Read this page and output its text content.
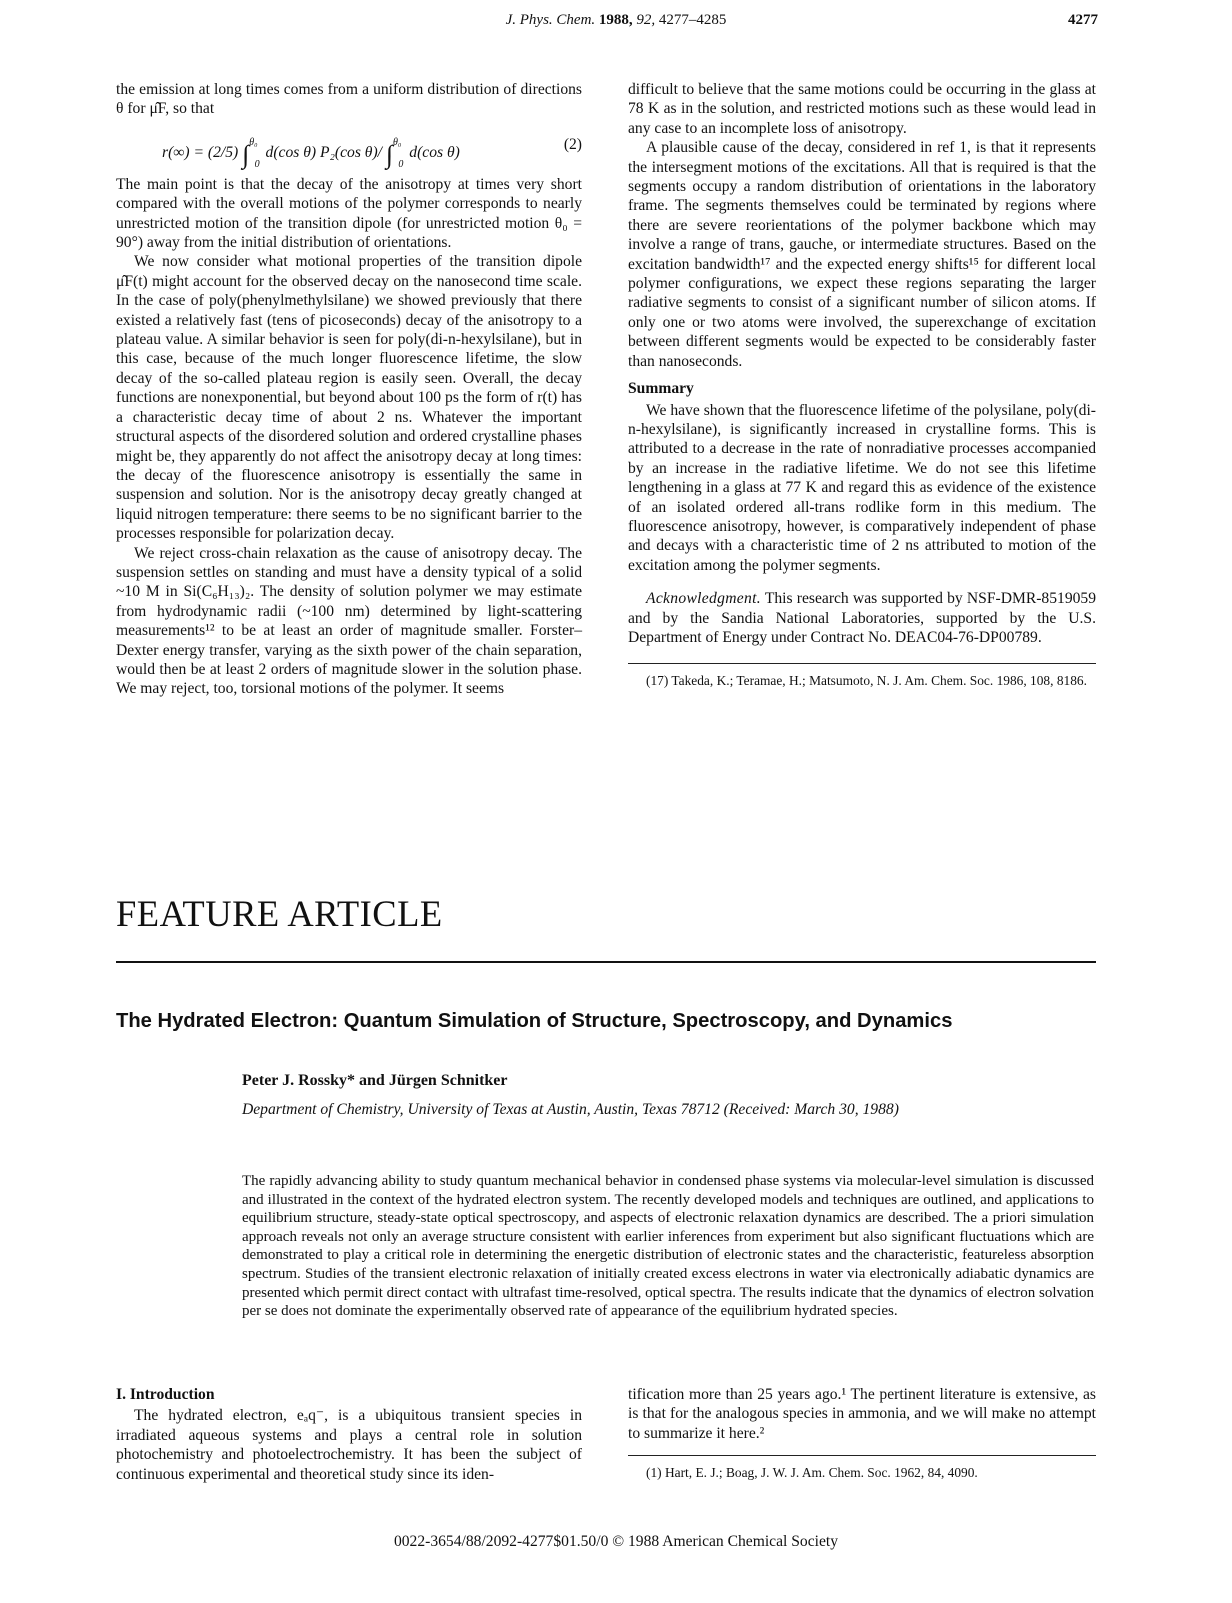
J. Phys. Chem. 1988, 92, 4277–4285	4277

the emission at long times comes from a uniform distribution of directions θ for μ̂F, so that

r(∞) = (2/5) ∫$^{\theta_0}_0$ d(cos θ) P₂(cos θ)/ ∫$^{\theta_0}_0$ d(cos θ)	(2)

The main point is that the decay of the anisotropy at times very short compared with the overall motions of the polymer corresponds to nearly unrestricted motion of the transition dipole (for unrestricted motion θ₀ = 90°) away from the initial distribution of orientations.

We now consider what motional properties of the transition dipole μ̂F(t) might account for the observed decay on the nanosecond time scale. In the case of poly(phenylmethylsilane) we showed previously that there existed a relatively fast (tens of picoseconds) decay of the anisotropy to a plateau value. A similar behavior is seen for poly(di-n-hexylsilane), but in this case, because of the much longer fluorescence lifetime, the slow decay of the so-called plateau region is easily seen. Overall, the decay functions are nonexponential, but beyond about 100 ps the form of r(t) has a characteristic decay time of about 2 ns. Whatever the important structural aspects of the disordered solution and ordered crystalline phases might be, they apparently do not affect the anisotropy decay at long times: the decay of the fluorescence anisotropy is essentially the same in suspension and solution. Nor is the anisotropy decay greatly changed at liquid nitrogen temperature: there seems to be no significant barrier to the processes responsible for polarization decay.

We reject cross-chain relaxation as the cause of anisotropy decay. The suspension settles on standing and must have a density typical of a solid ~10 M in Si(C₆H₁₃)₂. The density of solution polymer we may estimate from hydrodynamic radii (~100 nm) determined by light-scattering measurements¹² to be at least an order of magnitude smaller. Forster–Dexter energy transfer, varying as the sixth power of the chain separation, would then be at least 2 orders of magnitude slower in the solution phase. We may reject, too, torsional motions of the polymer. It seems

difficult to believe that the same motions could be occurring in the glass at 78 K as in the solution, and restricted motions such as these would lead in any case to an incomplete loss of anisotropy.

A plausible cause of the decay, considered in ref 1, is that it represents the intersegment motions of the excitations. All that is required is that the segments occupy a random distribution of orientations in the laboratory frame. The segments themselves could be terminated by regions where there are severe reorientations of the polymer backbone which may involve a range of trans, gauche, or intermediate structures. Based on the excitation bandwidth¹⁷ and the expected energy shifts¹⁵ for different local polymer configurations, we expect these regions separating the larger radiative segments to consist of a significant number of silicon atoms. If only one or two atoms were involved, the superexchange of excitation between different segments would be expected to be considerably faster than nanoseconds.

Summary

We have shown that the fluorescence lifetime of the polysilane, poly(di-n-hexylsilane), is significantly increased in crystalline forms. This is attributed to a decrease in the rate of nonradiative processes accompanied by an increase in the radiative lifetime. We do not see this lifetime lengthening in a glass at 77 K and regard this as evidence of the existence of an isolated ordered all-trans rodlike form in this medium. The fluorescence anisotropy, however, is comparatively independent of phase and decays with a characteristic time of 2 ns attributed to motion of the excitation among the polymer segments.

Acknowledgment. This research was supported by NSF-DMR-8519059 and by the Sandia National Laboratories, supported by the U.S. Department of Energy under Contract No. DEAC04-76-DP00789.

(17) Takeda, K.; Teramae, H.; Matsumoto, N. J. Am. Chem. Soc. 1986, 108, 8186.

FEATURE ARTICLE
The Hydrated Electron: Quantum Simulation of Structure, Spectroscopy, and Dynamics
Peter J. Rossky* and Jürgen Schnitker
Department of Chemistry, University of Texas at Austin, Austin, Texas 78712 (Received: March 30, 1988)
The rapidly advancing ability to study quantum mechanical behavior in condensed phase systems via molecular-level simulation is discussed and illustrated in the context of the hydrated electron system. The recently developed models and techniques are outlined, and applications to equilibrium structure, steady-state optical spectroscopy, and aspects of electronic relaxation dynamics are described. The a priori simulation approach reveals not only an average structure consistent with earlier inferences from experiment but also significant fluctuations which are demonstrated to play a critical role in determining the energetic distribution of electronic states and the characteristic, featureless absorption spectrum. Studies of the transient electronic relaxation of initially created excess electrons in water via electronically adiabatic dynamics are presented which permit direct contact with ultrafast time-resolved, optical spectra. The results indicate that the dynamics of electron solvation per se does not dominate the experimentally observed rate of appearance of the equilibrium hydrated species.
I. Introduction

The hydrated electron, eₐq⁻, is a ubiquitous transient species in irradiated aqueous systems and plays a central role in solution photochemistry and photoelectrochemistry. It has been the subject of continuous experimental and theoretical study since its iden-

tification more than 25 years ago.¹ The pertinent literature is extensive, as is that for the analogous species in ammonia, and we will make no attempt to summarize it here.²

(1) Hart, E. J.; Boag, J. W. J. Am. Chem. Soc. 1962, 84, 4090.

0022-3654/88/2092-4277$01.50/0 © 1988 American Chemical Society
